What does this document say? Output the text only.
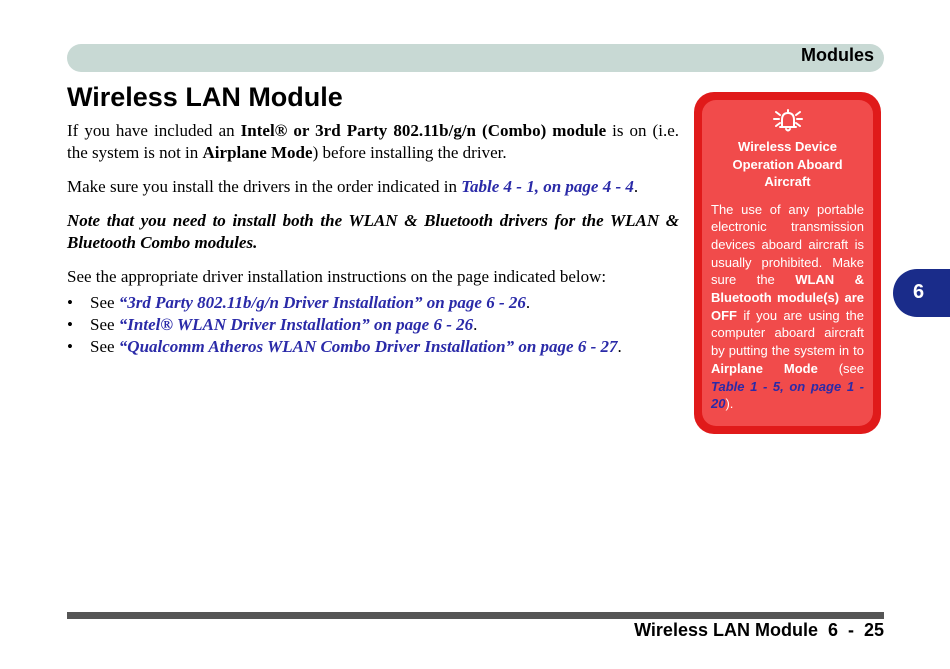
Modules
Wireless LAN Module

If you have included an Intel® or 3rd Party 802.11b/g/n (Combo) module is on (i.e. the system is not in Airplane Mode) before installing the driver.

Make sure you install the drivers in the order indicated in Table 4 - 1, on page 4 - 4.

Note that you need to install both the WLAN & Bluetooth drivers for the WLAN & Bluetooth Combo modules.

See the appropriate driver installation instructions on the page indicated below:

• See “3rd Party 802.11b/g/n Driver Installation” on page 6 - 26.
• See “Intel® WLAN Driver Installation” on page 6 - 26.
• See “Qualcomm Atheros WLAN Combo Driver Installation” on page 6 - 27.
Wireless Device Operation Aboard Aircraft
The use of any portable electronic transmission devices aboard aircraft is usually prohibited. Make sure the WLAN & Bluetooth module(s) are OFF if you are using the computer aboard aircraft by putting the system in to Airplane Mode (see Table 1 - 5, on page 1 - 20).
6
Wireless LAN Module  6  -  25
